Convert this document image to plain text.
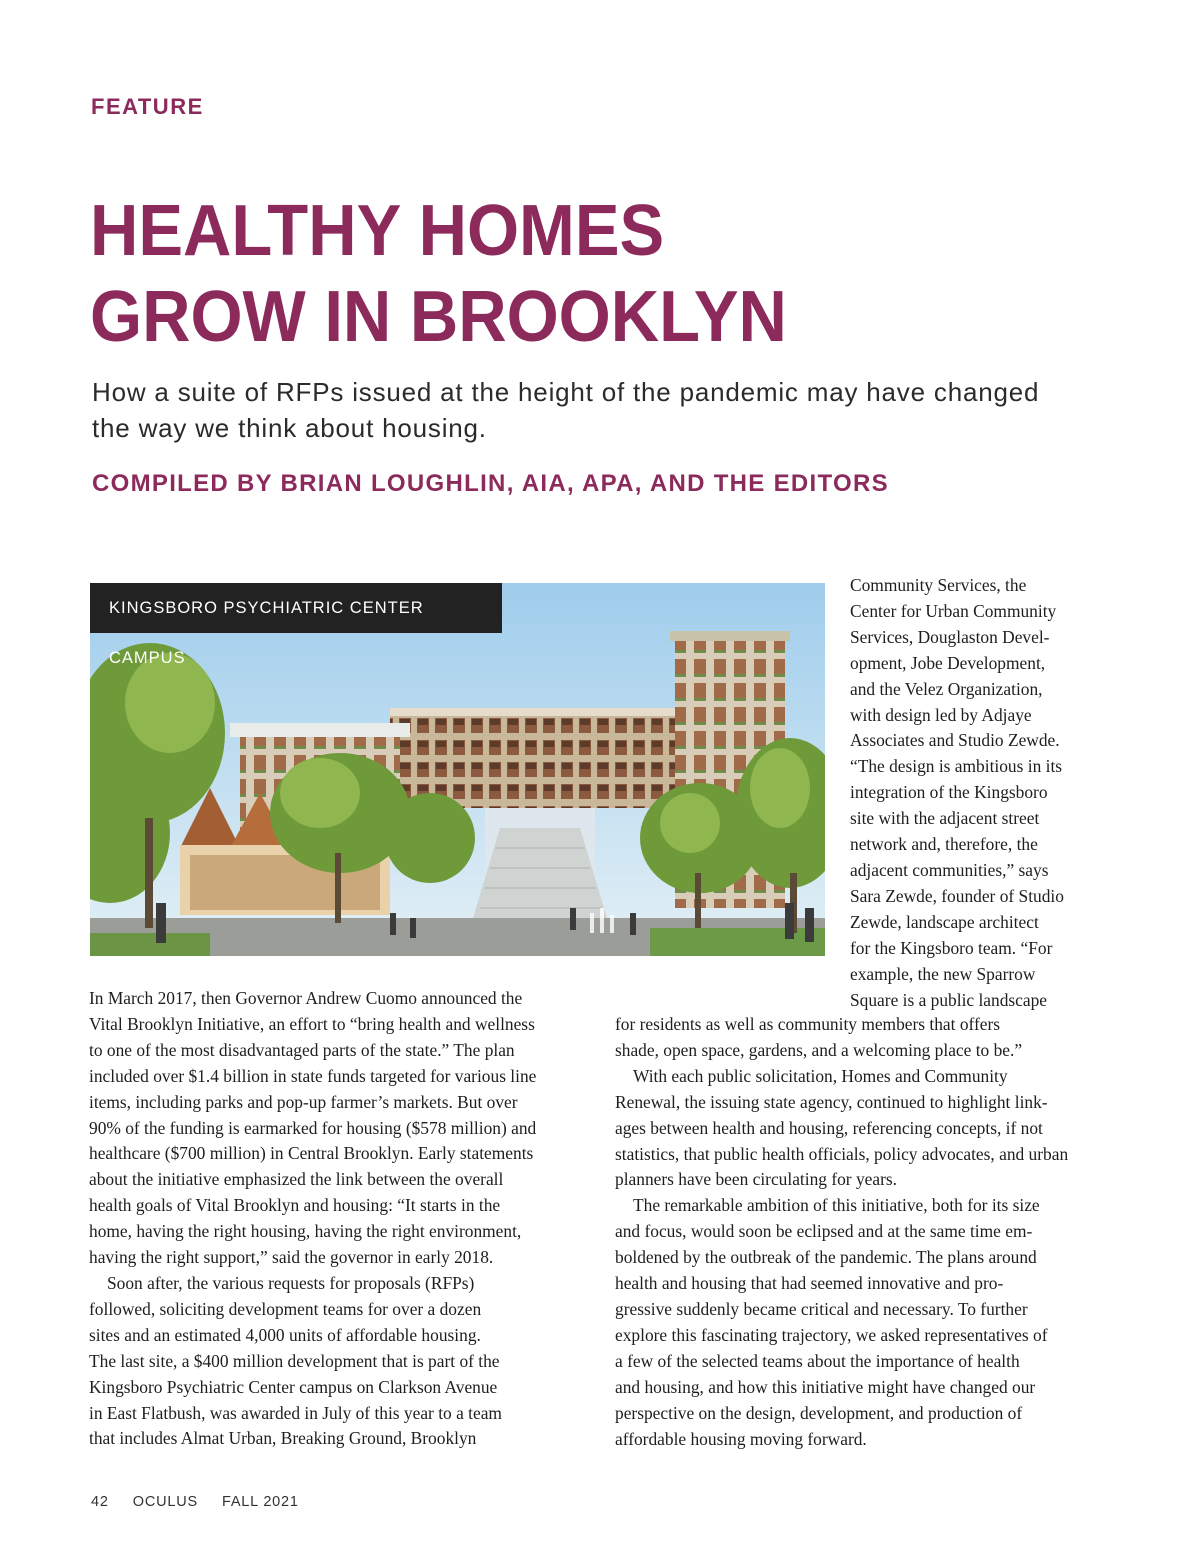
FEATURE
HEALTHY HOMES
GROW IN BROOKLYN
How a suite of RFPs issued at the height of the pandemic may have changed the way we think about housing.
COMPILED BY BRIAN LOUGHLIN, AIA, APA, AND THE EDITORS
KINGSBORO PSYCHIATRIC CENTER CAMPUS
Community Services, the
Center for Urban Community
Services, Douglaston Devel-
opment, Jobe Development,
and the Velez Organization,
with design led by Adjaye
Associates and Studio Zewde.
“The design is ambitious in its
integration of the Kingsboro
site with the adjacent street
network and, therefore, the
adjacent communities,” says
Sara Zewde, founder of Studio
Zewde, landscape architect
for the Kingsboro team. “For
example, the new Sparrow
Square is a public landscape
In March 2017, then Governor Andrew Cuomo announced the
Vital Brooklyn Initiative, an effort to “bring health and wellness
to one of the most disadvantaged parts of the state.” The plan
included over $1.4 billion in state funds targeted for various line
items, including parks and pop-up farmer’s markets. But over
90% of the funding is earmarked for housing ($578 million) and
healthcare ($700 million) in Central Brooklyn. Early statements
about the initiative emphasized the link between the overall
health goals of Vital Brooklyn and housing: “It starts in the
home, having the right housing, having the right environment,
having the right support,” said the governor in early 2018.
Soon after, the various requests for proposals (RFPs)
followed, soliciting development teams for over a dozen
sites and an estimated 4,000 units of affordable housing.
The last site, a $400 million development that is part of the
Kingsboro Psychiatric Center campus on Clarkson Avenue
in East Flatbush, was awarded in July of this year to a team
that includes Almat Urban, Breaking Ground, Brooklyn
for residents as well as community members that offers
shade, open space, gardens, and a welcoming place to be.”
With each public solicitation, Homes and Community
Renewal, the issuing state agency, continued to highlight link-
ages between health and housing, referencing concepts, if not
statistics, that public health officials, policy advocates, and urban
planners have been circulating for years.
The remarkable ambition of this initiative, both for its size
and focus, would soon be eclipsed and at the same time em-
boldened by the outbreak of the pandemic. The plans around
health and housing that had seemed innovative and pro-
gressive suddenly became critical and necessary. To further
explore this fascinating trajectory, we asked representatives of
a few of the selected teams about the importance of health
and housing, and how this initiative might have changed our
perspective on the design, development, and production of
affordable housing moving forward.
42 OCULUS FALL 2021
